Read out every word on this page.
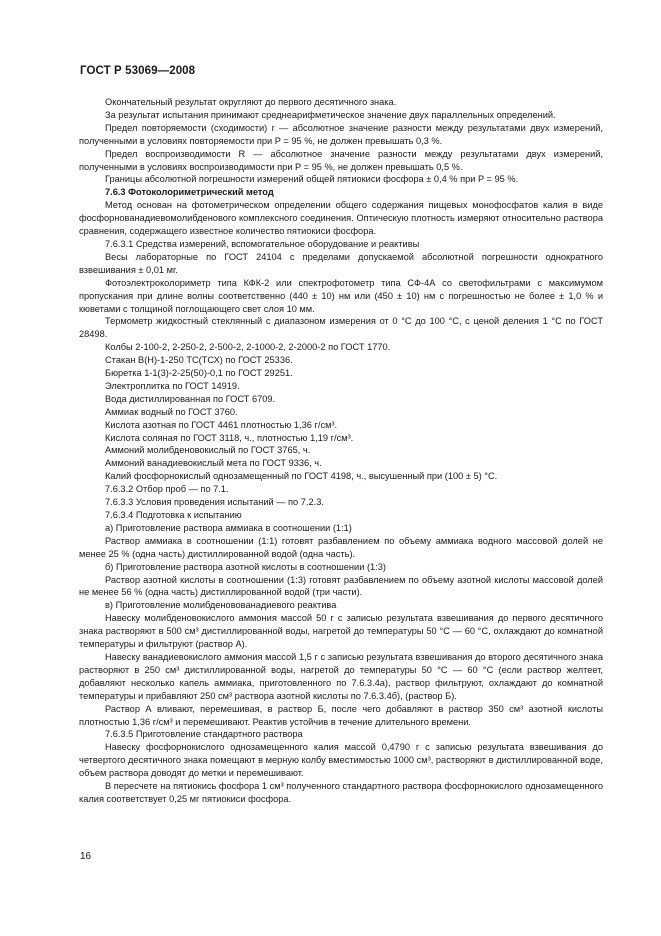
ГОСТ Р 53069—2008

Окончательный результат округляют до первого десятичного знака.

За результат испытания принимают среднеарифметическое значение двух параллельных определений.

Предел повторяемости (сходимости) r — абсолютное значение разности между результатами двух измерений, полученными в условиях повторяемости при P = 95 %, не должен превышать 0,3 %.

Предел воспроизводимости R — абсолютное значение разности между результатами двух измерений, полученными в условиях воспроизводимости при P = 95 %, не должен превышать 0,5 %.

Границы абсолютной погрешности измерений общей пятиокиси фосфора ± 0,4 % при P = 95 %.

7.6.3 Фотоколориметрический метод

Метод основан на фотометрическом определении общего содержания пищевых монофосфатов калия в виде фосфорнованадиевомолибденового комплексного соединения. Оптическую плотность измеряют относительно раствора сравнения, содержащего известное количество пятиокиси фосфора.

7.6.3.1 Средства измерений, вспомогательное оборудование и реактивы

Весы лабораторные по ГОСТ 24104 с пределами допускаемой абсолютной погрешности однократного взвешивания ± 0,01 мг.

Фотоэлектроколориметр типа КФК-2 или спектрофотометр типа СФ-4А со светофильтрами с максимумом пропускания при длине волны соответственно (440 ± 10) нм или (450 ± 10) нм с погрешностью не более ± 1,0 % и кюветами с толщиной поглощающего свет слоя 10 мм.

Термометр жидкостный стеклянный с диапазоном измерения от 0 °С до 100 °С, с ценой деления 1 °С по ГОСТ 28498.

Колбы 2-100-2, 2-250-2, 2-500-2, 2-1000-2, 2-2000-2 по ГОСТ 1770.

Стакан В(Н)-1-250 ТС(ТСХ) по ГОСТ 25336.

Бюретка 1-1(3)-2-25(50)-0,1 по ГОСТ 29251.

Электроплитка по ГОСТ 14919.

Вода дистиллированная по ГОСТ 6709.

Аммиак водный по ГОСТ 3760.

Кислота азотная по ГОСТ 4461 плотностью 1,36 г/см³.

Кислота соляная по ГОСТ 3118, ч., плотностью 1,19 г/см³.

Аммоний молибденовокислый по ГОСТ 3765, ч.

Аммоний ванадиевокислый мета по ГОСТ 9336, ч.

Калий фосфорнокислый однозамещенный по ГОСТ 4198, ч., высушенный при (100 ± 5) °С.

7.6.3.2 Отбор проб — по 7.1.

7.6.3.3 Условия проведения испытаний — по 7.2.3.

7.6.3.4 Подготовка к испытанию

а) Приготовление раствора аммиака в соотношении (1:1)

Раствор аммиака в соотношении (1:1) готовят разбавлением по объему аммиака водного массовой долей не менее 25 % (одна часть) дистиллированной водой (одна часть).

б) Приготовление раствора азотной кислоты в соотношении (1:3)

Раствор азотной кислоты в соотношении (1:3) готовят разбавлением по объему азотной кислоты массовой долей не менее 56 % (одна часть) дистиллированной водой (три части).

в) Приготовление молибденовованадиевого реактива

Навеску молибденовокислого аммония массой 50 г с записью результата взвешивания до первого десятичного знака растворяют в 500 см³ дистиллированной воды, нагретой до температуры 50 °С — 60 °С, охлаждают до комнатной температуры и фильтруют (раствор А).

Навеску ванадиевокислого аммония массой 1,5 г с записью результата взвешивания до второго десятичного знака растворяют в 250 см³ дистиллированной воды, нагретой до температуры 50 °С — 60 °С (если раствор желтеет, добавляют несколько капель аммиака, приготовленного по 7.6.3.4а), раствор фильтруют, охлаждают до комнатной температуры и прибавляют 250 см³ раствора азотной кислоты по 7.6.3.4б), (раствор Б).

Раствор А вливают, перемешивая, в раствор Б, после чего добавляют в раствор 350 см³ азотной кислоты плотностью 1,36 г/см³ и перемешивают. Реактив устойчив в течение длительного времени.

7.6.3.5 Приготовление стандартного раствора

Навеску фосфорнокислого однозамещенного калия массой 0,4790 г с записью результата взвешивания до четвертого десятичного знака помещают в мерную колбу вместимостью 1000 см³, растворяют в дистиллированной воде, объем раствора доводят до метки и перемешивают.

В пересчете на пятиокись фосфора 1 см³ полученного стандартного раствора фосфорнокислого однозамещенного калия соответствует 0,25 мг пятиокиси фосфора.

16
